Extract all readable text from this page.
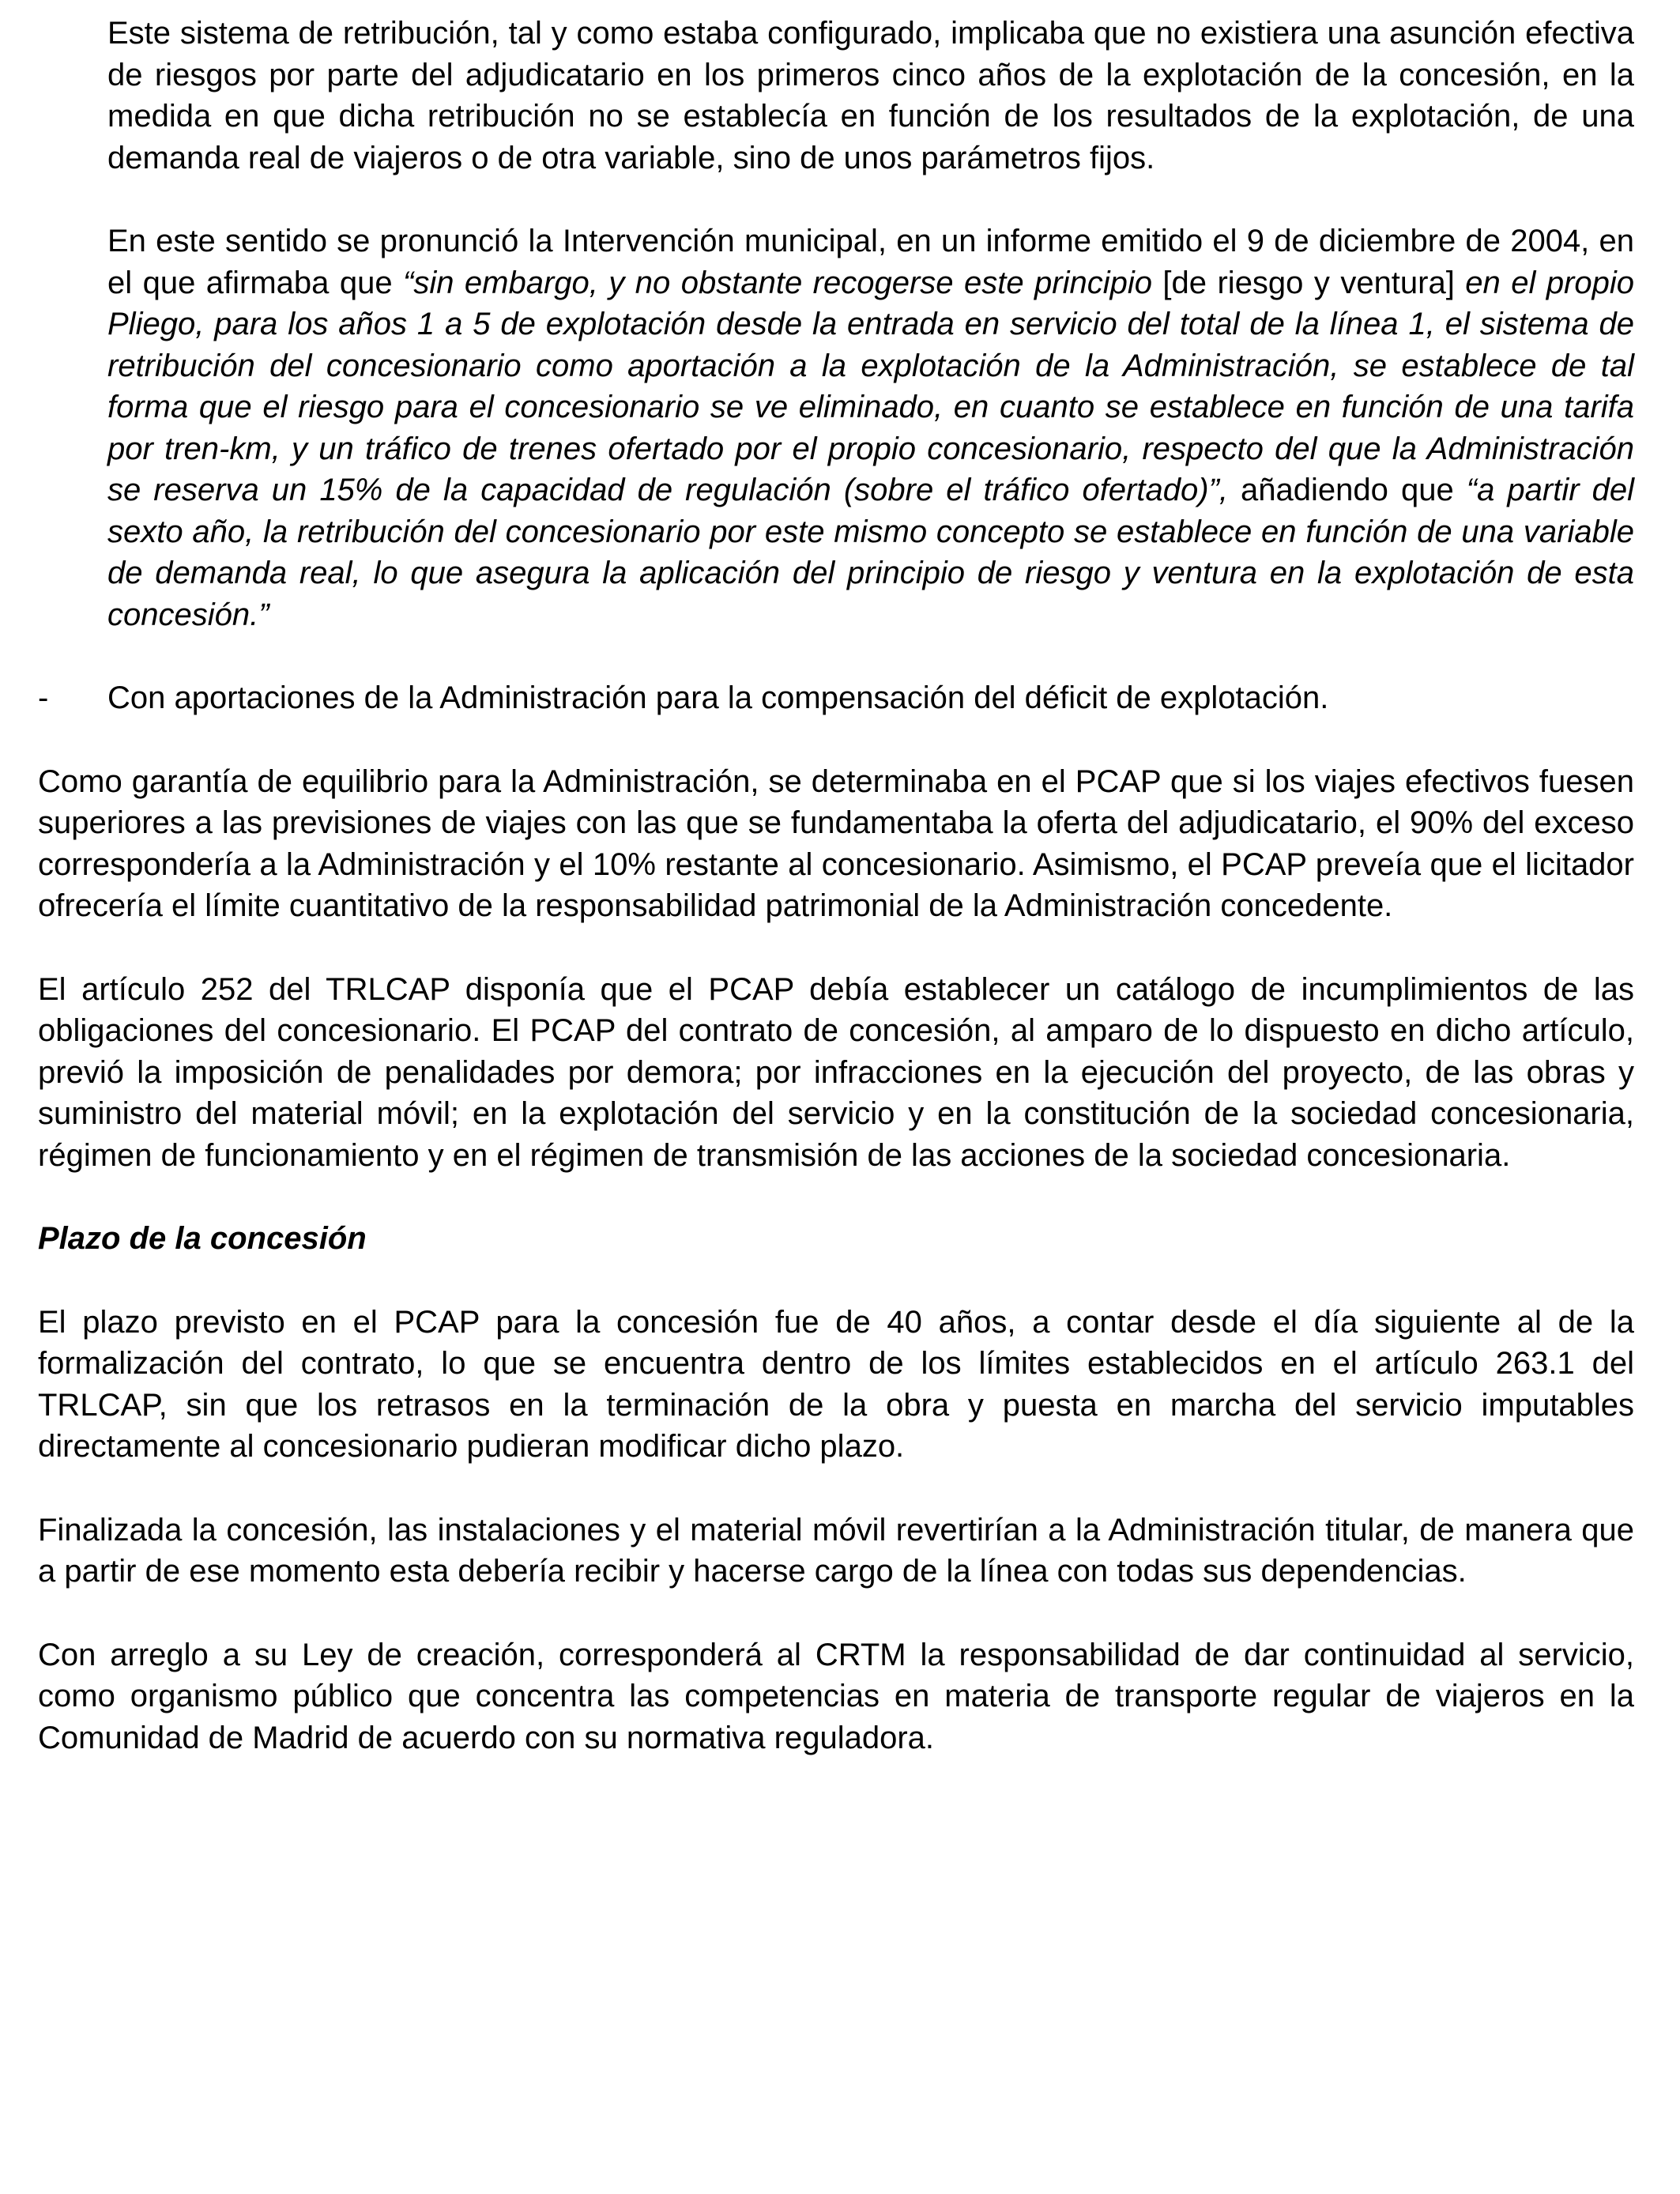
Este sistema de retribución, tal y como estaba configurado, implicaba que no existiera una asunción efectiva de riesgos por parte del adjudicatario en los primeros cinco años de la explotación de la concesión, en la medida en que dicha retribución no se establecía en función de los resultados de la explotación, de una demanda real de viajeros o de otra variable, sino de unos parámetros fijos.

En este sentido se pronunció la Intervención municipal, en un informe emitido el 9 de diciembre de 2004, en el que afirmaba que “sin embargo, y no obstante recogerse este principio [de riesgo y ventura] en el propio Pliego, para los años 1 a 5 de explotación desde la entrada en servicio del total de la línea 1, el sistema de retribución del concesionario como aportación a la explotación de la Administración, se establece de tal forma que el riesgo para el concesionario se ve eliminado, en cuanto se establece en función de una tarifa por tren-km, y un tráfico de trenes ofertado por el propio concesionario, respecto del que la Administración se reserva un 15% de la capacidad de regulación (sobre el tráfico ofertado)”, añadiendo que “a partir del sexto año, la retribución del concesionario por este mismo concepto se establece en función de una variable de demanda real, lo que asegura la aplicación del principio de riesgo y ventura en la explotación de esta concesión.”

- Con aportaciones de la Administración para la compensación del déficit de explotación.

Como garantía de equilibrio para la Administración, se determinaba en el PCAP que si los viajes efectivos fuesen superiores a las previsiones de viajes con las que se fundamentaba la oferta del adjudicatario, el 90% del exceso correspondería a la Administración y el 10% restante al concesionario. Asimismo, el PCAP preveía que el licitador ofrecería el límite cuantitativo de la responsabilidad patrimonial de la Administración concedente.

El artículo 252 del TRLCAP disponía que el PCAP debía establecer un catálogo de incumplimientos de las obligaciones del concesionario. El PCAP del contrato de concesión, al amparo de lo dispuesto en dicho artículo, previó la imposición de penalidades por demora; por infracciones en la ejecución del proyecto, de las obras y suministro del material móvil; en la explotación del servicio y en la constitución de la sociedad concesionaria, régimen de funcionamiento y en el régimen de transmisión de las acciones de la sociedad concesionaria.

Plazo de la concesión

El plazo previsto en el PCAP para la concesión fue de 40 años, a contar desde el día siguiente al de la formalización del contrato, lo que se encuentra dentro de los límites establecidos en el artículo 263.1 del TRLCAP, sin que los retrasos en la terminación de la obra y puesta en marcha del servicio imputables directamente al concesionario pudieran modificar dicho plazo.

Finalizada la concesión, las instalaciones y el material móvil revertirían a la Administración titular, de manera que a partir de ese momento esta debería recibir y hacerse cargo de la línea con todas sus dependencias.

Con arreglo a su Ley de creación, corresponderá al CRTM la responsabilidad de dar continuidad al servicio, como organismo público que concentra las competencias en materia de transporte regular de viajeros en la Comunidad de Madrid de acuerdo con su normativa reguladora.
